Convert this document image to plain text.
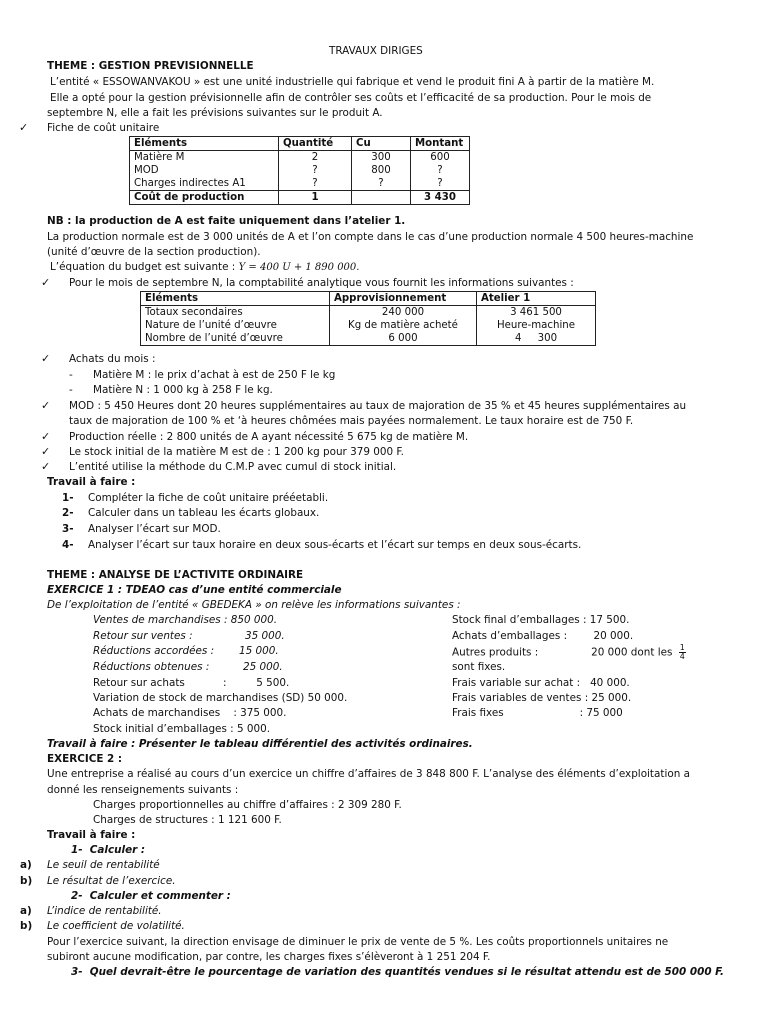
TRAVAUX DIRIGES
THEME : GESTION PREVISIONNELLE
L’entité « ESSOWANVAKOU » est une unité industrielle qui fabrique et vend le produit fini A à partir de la matière M.
Elle a opté pour la gestion prévisionnelle afin de contrôler ses coûts et l’efficacité de sa production. Pour le mois de
septembre N, elle a fait les prévisions suivantes sur le produit A.
✓ Fiche de coût unitaire
Eléments	Quantité	Cu	Montant
Matière M	2	300	600
MOD	?	800	?
Charges indirectes A1	?	?	?
Coût de production	1		3 430
NB : la production de A est faite uniquement dans l’atelier 1.
La production normale est de 3 000 unités de A et l’on compte dans le cas d’une production normale 4 500 heures-machine
(unité d’œuvre de la section production).
L’équation du budget est suivante : Y = 400 U + 1 890 000.
✓ Pour le mois de septembre N, la comptabilité analytique vous fournit les informations suivantes :
Eléments	Approvisionnement	Atelier 1
Totaux secondaires	240 000	3 461 500
Nature de l’unité d’œuvre	Kg de matière acheté	Heure-machine
Nombre de l’unité d’œuvre	6 000	4     300
✓ Achats du mois :
- Matière M : le prix d’achat à est de 250 F le kg
- Matière N : 1 000 kg à 258 F le kg.
✓ MOD : 5 450 Heures dont 20 heures supplémentaires au taux de majoration de 35 % et 45 heures supplémentaires au
taux de majoration de 100 % et ‘à heures chômées mais payées normalement. Le taux horaire est de 750 F.
✓ Production réelle : 2 800 unités de A ayant nécessité 5 675 kg de matière M.
✓ Le stock initial de la matière M est de : 1 200 kg pour 379 000 F.
✓ L’entité utilise la méthode du C.M.P avec cumul di stock initial.
Travail à faire :
1- Compléter la fiche de coût unitaire prééetabli.
2- Calculer dans un tableau les écarts globaux.
3- Analyser l’écart sur MOD.
4- Analyser l’écart sur taux horaire en deux sous-écarts et l’écart sur temps en deux sous-écarts.
THEME : ANALYSE DE L’ACTIVITE ORDINAIRE
EXERCICE 1 : TDEAO cas d’une entité commerciale
De l’exploitation de l’entité « GBEDEKA » on relève les informations suivantes :
Ventes de marchandises : 850 000.
Retour sur ventes :	35 000.
Réductions accordées : 15 000.
Réductions obtenues :	25 000.
Retour sur achats	:         5 500.
Variation de stock de marchandises (SD) 50 000.
Achats de marchandises    : 375 000.
Stock initial d’emballages : 5 000.
Stock final d’emballages : 17 500.
Achats d’emballages :        20 000.
Autres produits :                20 000 dont les $\frac{1}{4}$
sont fixes.
Frais variable sur achat :   40 000.
Frais variables de ventes : 25 000.
Frais fixes                       : 75 000
Travail à faire : Présenter le tableau différentiel des activités ordinaires.
EXERCICE 2 :
Une entreprise a réalisé au cours d’un exercice un chiffre d’affaires de 3 848 800 F. L’analyse des éléments d’exploitation a
donné les renseignements suivants :
Charges proportionnelles au chiffre d’affaires : 2 309 280 F.
Charges de structures : 1 121 600 F.
Travail à faire :
1-  Calculer :
a) Le seuil de rentabilité
b) Le résultat de l’exercice.
2-  Calculer et commenter :
a) L’indice de rentabilité.
b) Le coefficient de volatilité.
Pour l’exercice suivant, la direction envisage de diminuer le prix de vente de 5 %. Les coûts proportionnels unitaires ne
subiront aucune modification, par contre, les charges fixes s’élèveront à 1 251 204 F.
3-  Quel devrait-être le pourcentage de variation des quantités vendues si le résultat attendu est de 500 000 F.
